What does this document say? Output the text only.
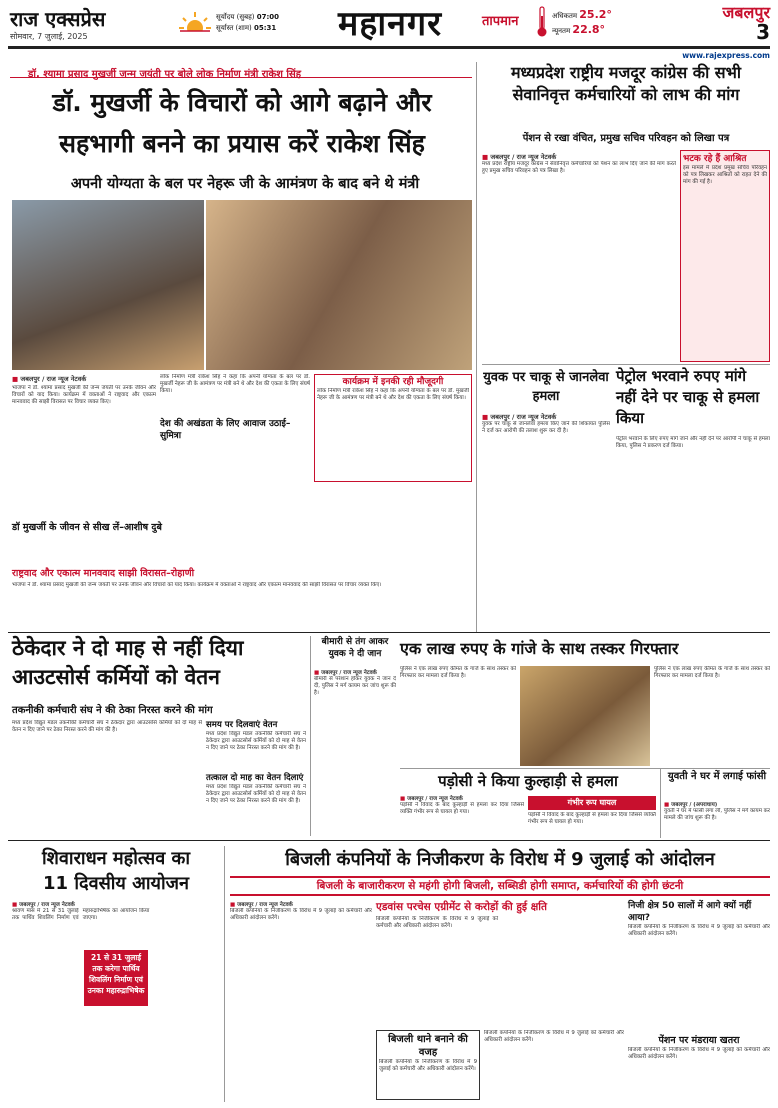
राज एक्सप्रेस
सोमवार, 7 जुलाई, 2025
सूर्योदय (सुबह) 07:00
सूर्यास्त (शाम) 05:31	महानगर	तापमान	अधिकतम 25.2°
न्यूनतम 22.8°
जबलपुर
3
www.rajexpress.com
डॉ. श्यामा प्रसाद मुखर्जी जन्म जयंती पर बोले लोक निर्माण मंत्री राकेश सिंह
डॉ. मुखर्जी के विचारों को आगे बढ़ाने और
सहभागी बनने का प्रयास करें राकेश सिंह
अपनी योग्यता के बल पर नेहरू जी के आमंत्रण के बाद बने थे मंत्री
■ जबलपुर / राज न्यूज नेटवर्क
भाजपा ने डॉ. श्यामा प्रसाद मुखर्जी की जन्म जयंती पर उनके जीवन और विचारों को याद किया। कार्यक्रम में वक्ताओं ने राष्ट्रवाद और एकात्म मानववाद की साझी विरासत पर विचार व्यक्त किए।
लोक निर्माण मंत्री राकेश सिंह ने कहा कि अपनी योग्यता के बल पर डॉ. मुखर्जी नेहरू जी के आमंत्रण पर मंत्री बने थे और देश की एकता के लिए संघर्ष किया।
कार्यक्रम में इनकी रही मौजूदगी
लोक निर्माण मंत्री राकेश सिंह ने कहा कि अपनी योग्यता के बल पर डॉ. मुखर्जी नेहरू जी के आमंत्रण पर मंत्री बने थे और देश की एकता के लिए संघर्ष किया।
देश की अखंडता के लिए आवाज उठाई–सुमित्रा
डॉ मुखर्जी के जीवन से सीख लें–आशीष दुबे
राष्ट्रवाद और एकात्म मानववाद साझी विरासत–रोहाणी
भाजपा ने डॉ. श्यामा प्रसाद मुखर्जी की जन्म जयंती पर उनके जीवन और विचारों को याद किया। कार्यक्रम में वक्ताओं ने राष्ट्रवाद और एकात्म मानववाद की साझी विरासत पर विचार व्यक्त किए।
मध्यप्रदेश राष्ट्रीय मजदूर कांग्रेस की सभी सेवानिवृत्त कर्मचारियों को लाभ की मांग
पेंशन से रखा वंचित, प्रमुख सचिव परिवहन को लिखा पत्र
■ जबलपुर / राज न्यूज नेटवर्क
मध्य प्रदेश राष्ट्रीय मजदूर कांग्रेस ने सेवानिवृत्त कर्मचारियों को पेंशन का लाभ दिए जाने की मांग करते हुए प्रमुख सचिव परिवहन को पत्र लिखा है।
भटक रहे हैं आश्रित
इस मामले में प्रदेश प्रमुख सचिव परिवहन को पत्र लिखकर आश्रितों को राहत देने की मांग की गई है।
युवक पर चाकू से जानलेवा हमला
■ जबलपुर / राज न्यूज नेटवर्क
युवक पर चाकू से जानलेवा हमला किए जाने की शिकायत पुलिस ने दर्ज कर आरोपी की तलाश शुरू कर दी है।
पेट्रोल भरवाने रुपए मांगे नहीं देने पर चाकू से हमला किया
पेट्रोल भरवाने के लिए रुपए मांगे जाने और नहीं देने पर आरोपी ने चाकू से हमला किया, पुलिस ने प्रकरण दर्ज किया।
ठेकेदार ने दो माह से नहीं दिया
आउटसोर्स कर्मियों को वेतन
तकनीकी कर्मचारी संघ ने की ठेका निरस्त करने की मांग
मध्य प्रदेश विद्युत मंडल तकनीकी कर्मचारी संघ ने ठेकेदार द्वारा आउटसोर्स कर्मियों को दो माह से वेतन न दिए जाने पर ठेका निरस्त करने की मांग की है।
समय पर दिलवाएं वेतन
मध्य प्रदेश विद्युत मंडल तकनीकी कर्मचारी संघ ने ठेकेदार द्वारा आउटसोर्स कर्मियों को दो माह से वेतन न दिए जाने पर ठेका निरस्त करने की मांग की है।
तत्काल दो माह का वेतन दिलाएं
मध्य प्रदेश विद्युत मंडल तकनीकी कर्मचारी संघ ने ठेकेदार द्वारा आउटसोर्स कर्मियों को दो माह से वेतन न दिए जाने पर ठेका निरस्त करने की मांग की है।
बीमारी से तंग आकर युवक ने दी जान
■ जबलपुर / राज न्यूज नेटवर्क
बीमारी से परेशान होकर युवक ने जान दे दी, पुलिस ने मर्ग कायम कर जांच शुरू की है।
एक लाख रुपए के गांजे के साथ तस्कर गिरफ्तार
पुलिस ने एक लाख रुपए कीमत के गांजे के साथ तस्कर को गिरफ्तार कर मामला दर्ज किया है।
पुलिस ने एक लाख रुपए कीमत के गांजे के साथ तस्कर को गिरफ्तार कर मामला दर्ज किया है।
पड़ोसी ने किया कुल्हाड़ी से हमला
■ जबलपुर / राज न्यूज नेटवर्क
पड़ोसी ने विवाद के बाद कुल्हाड़ी से हमला कर दिया जिससे व्यक्ति गंभीर रूप से घायल हो गया।
गंभीर रूप घायल
पड़ोसी ने विवाद के बाद कुल्हाड़ी से हमला कर दिया जिससे व्यक्ति गंभीर रूप से घायल हो गया।
युवती ने घर में लगाई फांसी
■ जबलपुर / (अपराधाय)
युवती ने घर में फांसी लगा ली, पुलिस ने मर्ग कायम कर मामले की जांच शुरू की है।
शिवाराधन महोत्सव का
11 दिवसीय आयोजन
■ जबलपुर / राज न्यूज नेटवर्क
श्रावण मास में 21 से 31 जुलाई तक पार्थिव शिवलिंग निर्माण एवं महारुद्राभिषेक का आयोजन किया जाएगा।
21 से 31 जुलाई तक करेगा पार्थिव शिवलिंग निर्माण एवं उनका महारुद्राभिषेक
बिजली कंपनियों के निजीकरण के विरोध में 9 जुलाई को आंदोलन
बिजली के बाजारीकरण से महंगी होगी बिजली, सब्सिडी होगी समाप्त, कर्मचारियों की होगी छंटनी
■ जबलपुर / राज न्यूज नेटवर्क
बिजली कंपनियों के निजीकरण के विरोध में 9 जुलाई को कर्मचारी और अधिकारी आंदोलन करेंगे।
एडवांस परचेस एग्रीमेंट से करोड़ों की हुई क्षति
बिजली कंपनियों के निजीकरण के विरोध में 9 जुलाई को कर्मचारी और अधिकारी आंदोलन करेंगे।
बिजली थाने बनाने की वजह
बिजली कंपनियों के निजीकरण के विरोध में 9 जुलाई को कर्मचारी और अधिकारी आंदोलन करेंगे।
बिजली कंपनियों के निजीकरण के विरोध में 9 जुलाई को कर्मचारी और अधिकारी आंदोलन करेंगे।
निजी क्षेत्र 50 सालों में आगे क्यों नहीं आया?
बिजली कंपनियों के निजीकरण के विरोध में 9 जुलाई को कर्मचारी और अधिकारी आंदोलन करेंगे।
पेंशन पर मंडराया खतरा
बिजली कंपनियों के निजीकरण के विरोध में 9 जुलाई को कर्मचारी और अधिकारी आंदोलन करेंगे।
